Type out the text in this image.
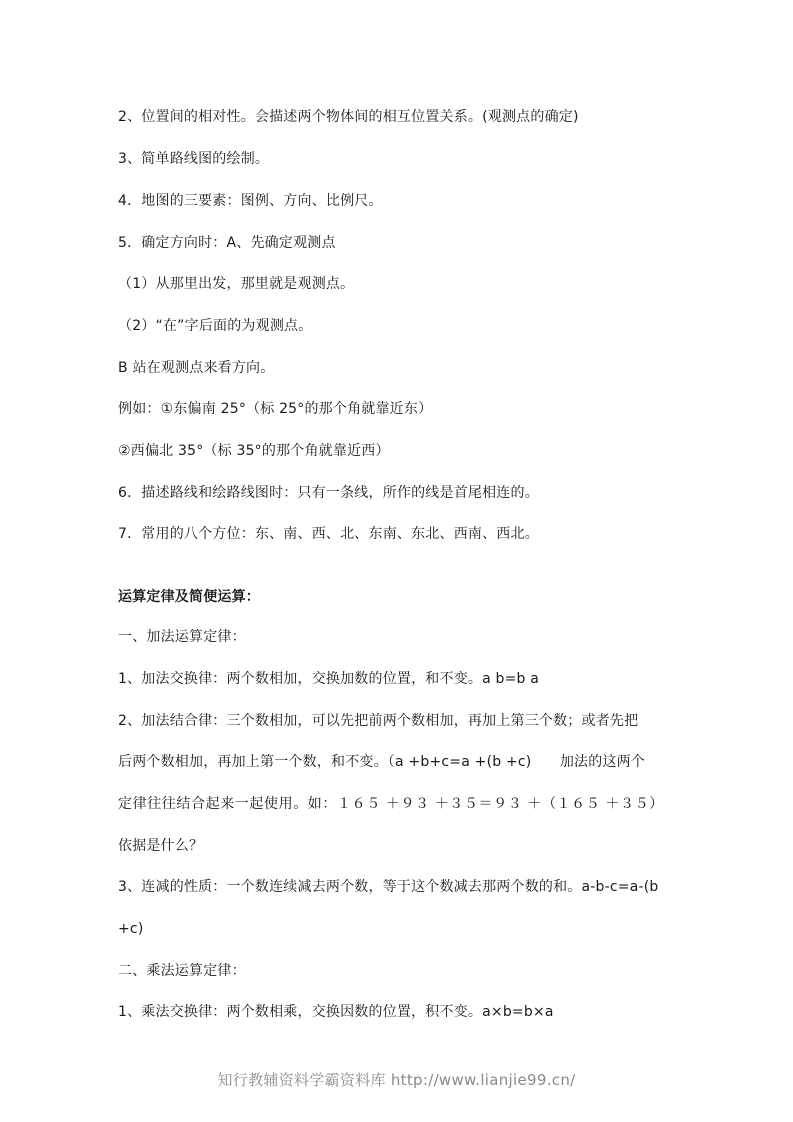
2、位置间的相对性。会描述两个物体间的相互位置关系。(观测点的确定)
3、简单路线图的绘制。
4．地图的三要素：图例、方向、比例尺。
5．确定方向时：A、先确定观测点
（1）从那里出发，那里就是观测点。
（2）“在”字后面的为观测点。
B 站在观测点来看方向。
例如：①东偏南 25°（标 25°的那个角就靠近东）
②西偏北 35°（标 35°的那个角就靠近西）
6．描述路线和绘路线图时：只有一条线，所作的线是首尾相连的。
7．常用的八个方位：东、南、西、北、东南、东北、西南、西北。
运算定律及简便运算：
一、加法运算定律：
1、加法交换律：两个数相加，交换加数的位置，和不变。a b=b a
2、加法结合律：三个数相加，可以先把前两个数相加，再加上第三个数；或者先把
后两个数相加，再加上第一个数，和不变。（a +b+c=a +(b +c)　　加法的这两个
定律往往结合起来一起使用。如：１６５ ＋９３ ＋３５＝９３ ＋（１６５ ＋３５）
依据是什么？
3、连减的性质：一个数连续减去两个数，等于这个数减去那两个数的和。a-b-c=a-(b
+c)
二、乘法运算定律：
1、乘法交换律：两个数相乘，交换因数的位置，积不变。a×b=b×a
知行教辅资料学霸资料库 http://www.lianjie99.cn/
